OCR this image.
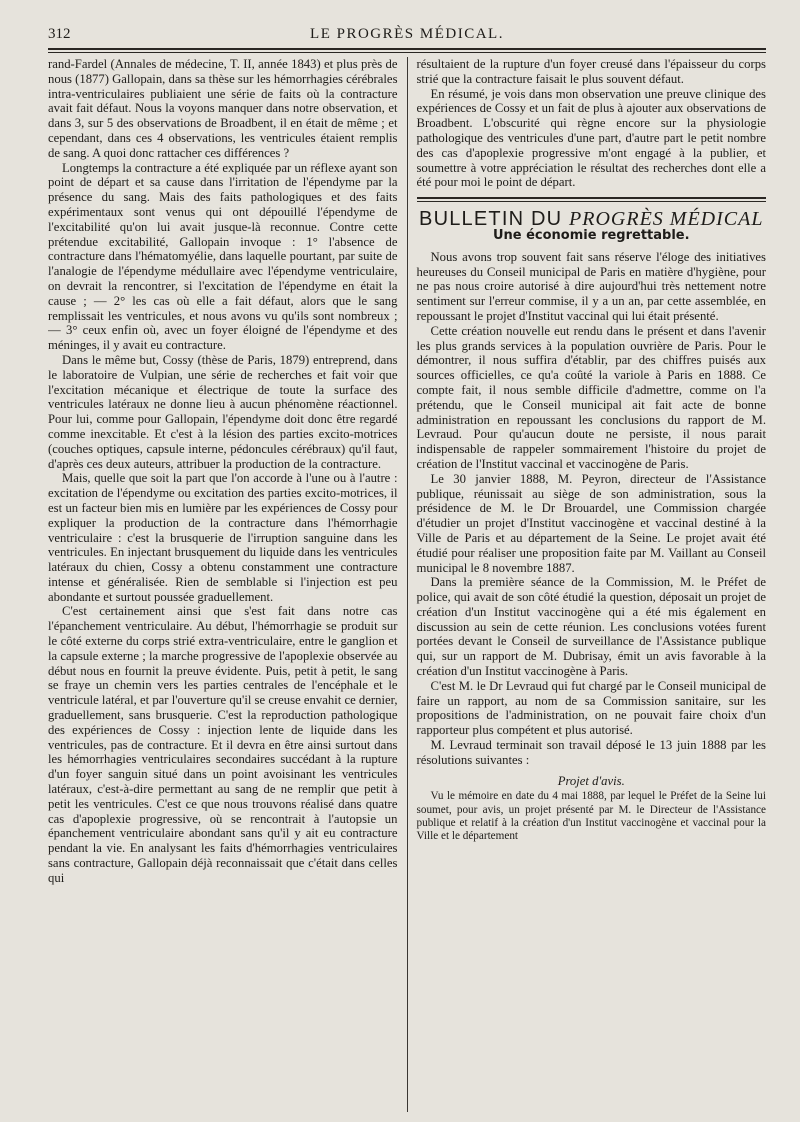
312	LE PROGRÈS MÉDICAL.

rand-Fardel (Annales de médecine, T. II, année 1843) et plus près de nous (1877) Gallopain, dans sa thèse sur les hémorrhagies cérébrales intra-ventriculaires publiaient une série de faits où la contracture avait fait défaut. Nous la voyons manquer dans notre observation, et dans 3, sur 5 des observations de Broadbent, il en était de même ; et cependant, dans ces 4 observations, les ventricules étaient remplis de sang. A quoi donc rattacher ces différences ?

Longtemps la contracture a été expliquée par un réflexe ayant son point de départ et sa cause dans l'irritation de l'épendyme par la présence du sang. Mais des faits pathologiques et des faits expérimentaux sont venus qui ont dépouillé l'épendyme de l'excitabilité qu'on lui avait jusque-là reconnue. Contre cette prétendue excitabilité, Gallopain invoque : 1° l'absence de contracture dans l'hématomyélie, dans laquelle pourtant, par suite de l'analogie de l'épendyme médullaire avec l'épendyme ventriculaire, on devrait la rencontrer, si l'excitation de l'épendyme en était la cause ; — 2° les cas où elle a fait défaut, alors que le sang remplissait les ventricules, et nous avons vu qu'ils sont nombreux ; — 3° ceux enfin où, avec un foyer éloigné de l'épendyme et des méninges, il y avait eu contracture.

Dans le même but, Cossy (thèse de Paris, 1879) entreprend, dans le laboratoire de Vulpian, une série de recherches et fait voir que l'excitation mécanique et électrique de toute la surface des ventricules latéraux ne donne lieu à aucun phénomène réactionnel. Pour lui, comme pour Gallopain, l'épendyme doit donc être regardé comme inexcitable. Et c'est à la lésion des parties excito-motrices (couches optiques, capsule interne, pédoncules cérébraux) qu'il faut, d'après ces deux auteurs, attribuer la production de la contracture.

Mais, quelle que soit la part que l'on accorde à l'une ou à l'autre : excitation de l'épendyme ou excitation des parties excito-motrices, il est un facteur bien mis en lumière par les expériences de Cossy pour expliquer la production de la contracture dans l'hémorrhagie ventriculaire : c'est la brusquerie de l'irruption sanguine dans les ventricules. En injectant brusquement du liquide dans les ventricules latéraux du chien, Cossy a obtenu constamment une contracture intense et généralisée. Rien de semblable si l'injection est peu abondante et surtout poussée graduellement.

C'est certainement ainsi que s'est fait dans notre cas l'épanchement ventriculaire. Au début, l'hémorrhagie se produit sur le côté externe du corps strié extra-ventriculaire, entre le ganglion et la capsule externe ; la marche progressive de l'apoplexie observée au début nous en fournit la preuve évidente. Puis, petit à petit, le sang se fraye un chemin vers les parties centrales de l'encéphale et le ventricule latéral, et par l'ouverture qu'il se creuse envahit ce dernier, graduellement, sans brusquerie. C'est la reproduction pathologique des expériences de Cossy : injection lente de liquide dans les ventricules, pas de contracture. Et il devra en être ainsi surtout dans les hémorrhagies ventriculaires secondaires succédant à la rupture d'un foyer sanguin situé dans un point avoisinant les ventricules latéraux, c'est-à-dire permettant au sang de ne remplir que petit à petit les ventricules. C'est ce que nous trouvons réalisé dans quatre cas d'apoplexie progressive, où se rencontrait à l'autopsie un épanchement ventriculaire abondant sans qu'il y ait eu contracture pendant la vie. En analysant les faits d'hémorrhagies ventriculaires sans contracture, Gallopain déjà reconnaissait que c'était dans celles qui

résultaient de la rupture d'un foyer creusé dans l'épaisseur du corps strié que la contracture faisait le plus souvent défaut.

En résumé, je vois dans mon observation une preuve clinique des expériences de Cossy et un fait de plus à ajouter aux observations de Broadbent. L'obscurité qui règne encore sur la physiologie pathologique des ventricules d'une part, d'autre part le petit nombre des cas d'apoplexie progressive m'ont engagé à la publier, et soumettre à votre appréciation le résultat des recherches dont elle a été pour moi le point de départ.

BULLETIN DU PROGRÈS MÉDICAL
Une économie regrettable.

Nous avons trop souvent fait sans réserve l'éloge des initiatives heureuses du Conseil municipal de Paris en matière d'hygiène, pour ne pas nous croire autorisé à dire aujourd'hui très nettement notre sentiment sur l'erreur commise, il y a un an, par cette assemblée, en repoussant le projet d'Institut vaccinal qui lui était présenté.

Cette création nouvelle eut rendu dans le présent et dans l'avenir les plus grands services à la population ouvrière de Paris. Pour le démontrer, il nous suffira d'établir, par des chiffres puisés aux sources officielles, ce qu'a coûté la variole à Paris en 1888. Ce compte fait, il nous semble difficile d'admettre, comme on l'a prétendu, que le Conseil municipal ait fait acte de bonne administration en repoussant les conclusions du rapport de M. Levraud. Pour qu'aucun doute ne persiste, il nous parait indispensable de rappeler sommairement l'histoire du projet de création de l'Institut vaccinal et vaccinogène de Paris.

Le 30 janvier 1888, M. Peyron, directeur de l'Assistance publique, réunissait au siège de son administration, sous la présidence de M. le Dr Brouardel, une Commission chargée d'étudier un projet d'Institut vaccinogène et vaccinal destiné à la Ville de Paris et au département de la Seine. Le projet avait été étudié pour réaliser une proposition faite par M. Vaillant au Conseil municipal le 8 novembre 1887.

Dans la première séance de la Commission, M. le Préfet de police, qui avait de son côté étudié la question, déposait un projet de création d'un Institut vaccinogène qui a été mis également en discussion au sein de cette réunion. Les conclusions votées furent portées devant le Conseil de surveillance de l'Assistance publique qui, sur un rapport de M. Dubrisay, émit un avis favorable à la création d'un Institut vaccinogène à Paris.

C'est M. le Dr Levraud qui fut chargé par le Conseil municipal de faire un rapport, au nom de sa Commission sanitaire, sur les propositions de l'administration, on ne pouvait faire choix d'un rapporteur plus compétent et plus autorisé.

M. Levraud terminait son travail déposé le 13 juin 1888 par les résolutions suivantes :

Projet d'avis.

Vu le mémoire en date du 4 mai 1888, par lequel le Préfet de la Seine lui soumet, pour avis, un projet présenté par M. le Directeur de l'Assistance publique et relatif à la création d'un Institut vaccinogène et vaccinal pour la Ville et le département
